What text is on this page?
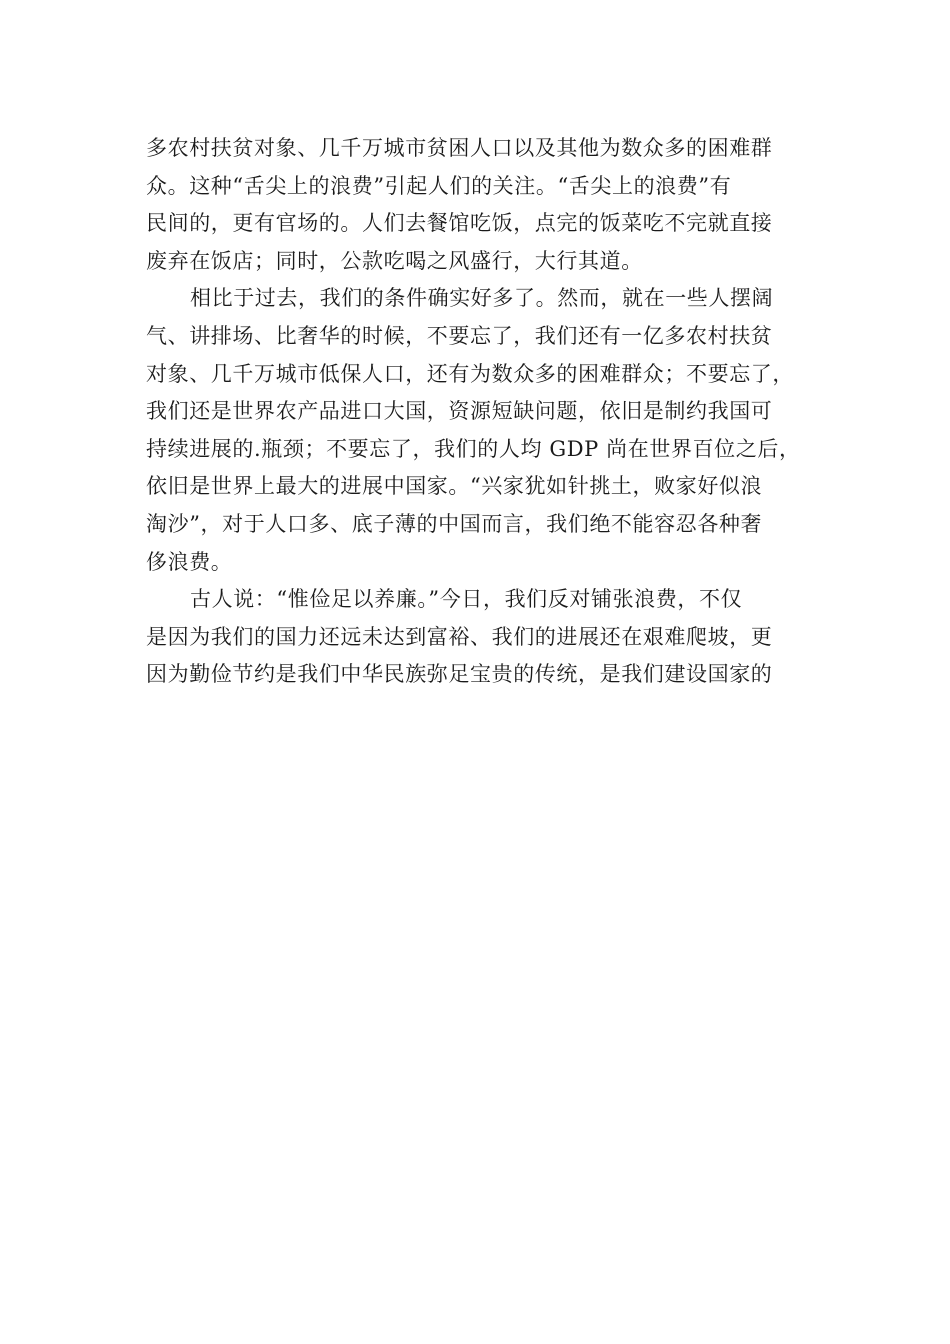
多农村扶贫对象、几千万城市贫困人口以及其他为数众多的困难群
众。这种“舌尖上的浪费”引起人们的关注。“舌尖上的浪费”有
民间的，更有官场的。人们去餐馆吃饭，点完的饭菜吃不完就直接
废弃在饭店；同时，公款吃喝之风盛行，大行其道。
相比于过去，我们的条件确实好多了。然而，就在一些人摆阔
气、讲排场、比奢华的时候，不要忘了，我们还有一亿多农村扶贫
对象、几千万城市低保人口，还有为数众多的困难群众；不要忘了，
我们还是世界农产品进口大国，资源短缺问题，依旧是制约我国可
持续进展的.瓶颈；不要忘了，我们的人均 GDP 尚在世界百位之后，
依旧是世界上最大的进展中国家。“兴家犹如针挑土，败家好似浪
淘沙”，对于人口多、底子薄的中国而言，我们绝不能容忍各种奢
侈浪费。
古人说：“惟俭足以养廉。”今日，我们反对铺张浪费，不仅
是因为我们的国力还远未达到富裕、我们的进展还在艰难爬坡，更
因为勤俭节约是我们中华民族弥足宝贵的传统，是我们建设国家的
